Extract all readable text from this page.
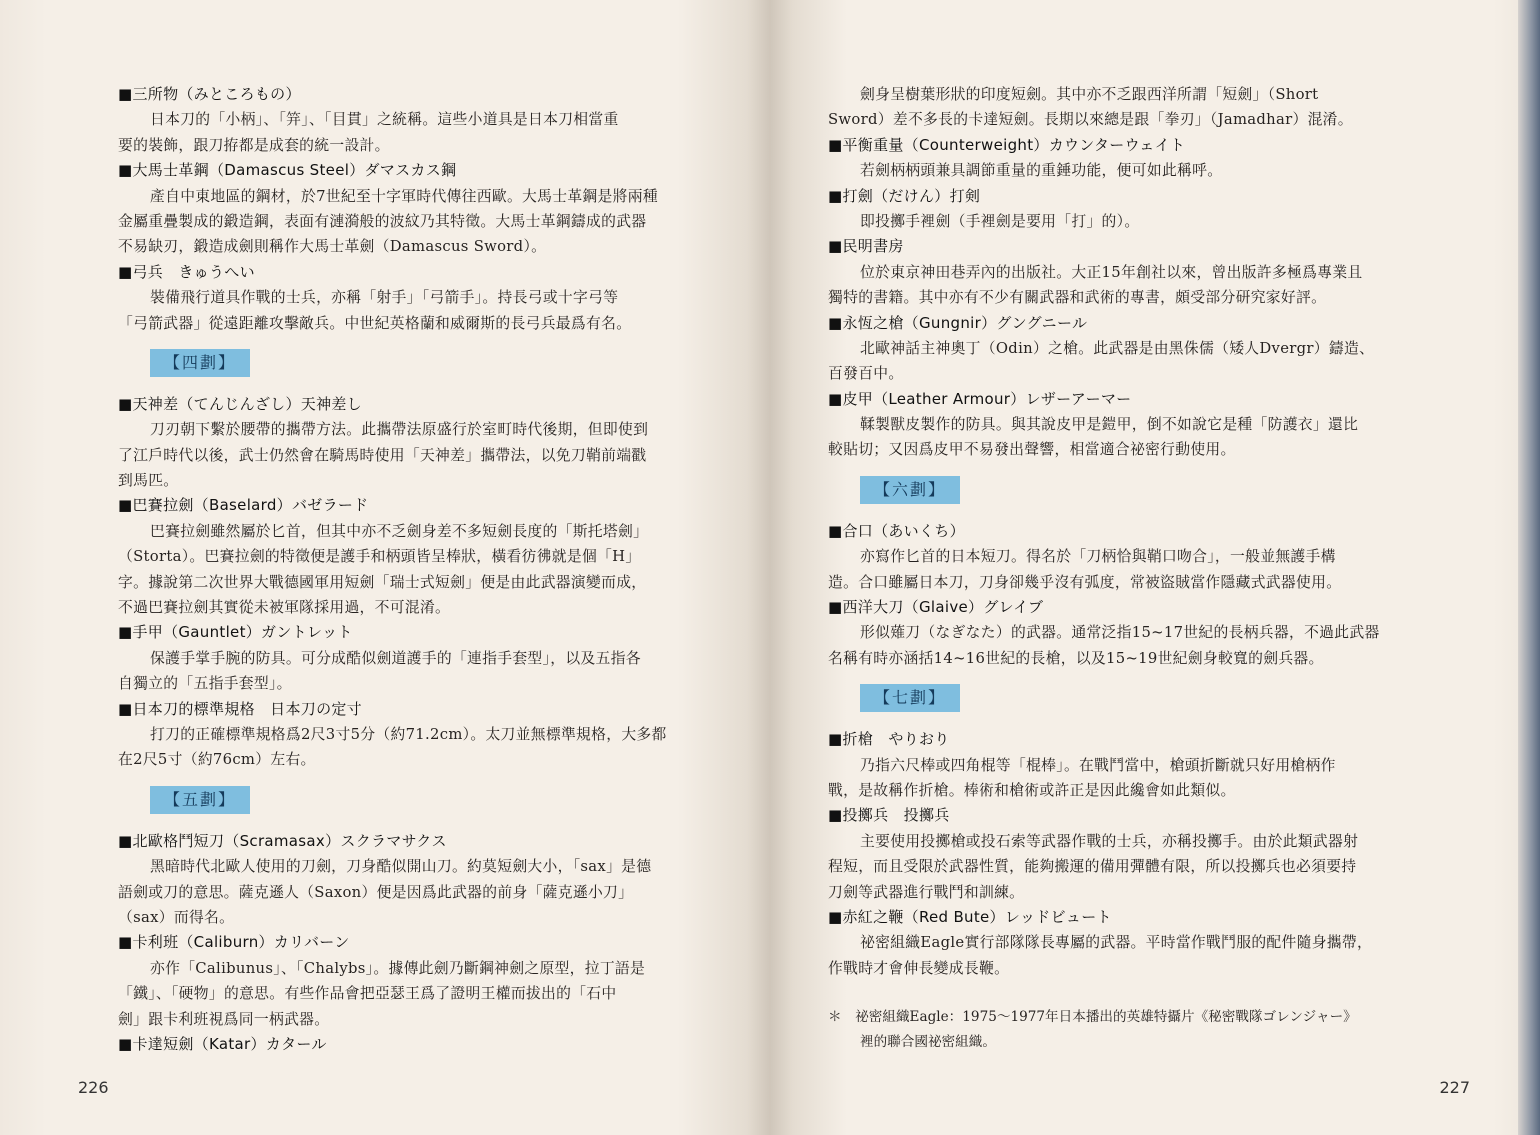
■三所物（みところもの）
日本刀的「小柄」、「笄」、「目貫」之統稱。這些小道具是日本刀相當重
要的裝飾，跟刀拵都是成套的統一設計。
■大馬士革鋼（Damascus Steel）ダマスカス鋼
產自中東地區的鋼材，於7世紀至十字軍時代傳往西歐。大馬士革鋼是將兩種
金屬重疊製成的鍛造鋼，表面有漣漪般的波紋乃其特徵。大馬士革鋼鑄成的武器
不易缺刃，鍛造成劍則稱作大馬士革劍（Damascus Sword）。
■弓兵　きゅうへい
裝備飛行道具作戰的士兵，亦稱「射手」「弓箭手」。持長弓或十字弓等
「弓箭武器」從遠距離攻擊敵兵。中世紀英格蘭和威爾斯的長弓兵最爲有名。
【四劃】
■天神差（てんじんざし）天神差し
刀刃朝下繫於腰帶的攜帶方法。此攜帶法原盛行於室町時代後期，但即使到
了江戶時代以後，武士仍然會在騎馬時使用「天神差」攜帶法，以免刀鞘前端戳
到馬匹。
■巴賽拉劍（Baselard）バゼラード
巴賽拉劍雖然屬於匕首，但其中亦不乏劍身差不多短劍長度的「斯托塔劍」
（Storta）。巴賽拉劍的特徵便是護手和柄頭皆呈棒狀，橫看彷彿就是個「H」
字。據說第二次世界大戰德國軍用短劍「瑞士式短劍」便是由此武器演變而成，
不過巴賽拉劍其實從未被軍隊採用過，不可混淆。
■手甲（Gauntlet）ガントレット
保護手掌手腕的防具。可分成酷似劍道護手的「連指手套型」，以及五指各
自獨立的「五指手套型」。
■日本刀的標準規格　日本刀の定寸
打刀的正確標準規格爲2尺3寸5分（約71.2cm）。太刀並無標準規格，大多都
在2尺5寸（約76cm）左右。
【五劃】
■北歐格鬥短刀（Scramasax）スクラマサクス
黑暗時代北歐人使用的刀劍，刀身酷似開山刀。約莫短劍大小，「sax」是德
語劍或刀的意思。薩克遜人（Saxon）便是因爲此武器的前身「薩克遜小刀」
（sax）而得名。
■卡利班（Caliburn）カリバーン
亦作「Calibunus」、「Chalybs」。據傳此劍乃斷鋼神劍之原型，拉丁語是
「鐵」、「硬物」的意思。有些作品會把亞瑟王爲了證明王權而拔出的「石中
劍」跟卡利班視爲同一柄武器。
■卡達短劍（Katar）カタール
226
劍身呈樹葉形狀的印度短劍。其中亦不乏跟西洋所謂「短劍」（Short
Sword）差不多長的卡達短劍。長期以來總是跟「拳刃」（Jamadhar）混淆。
■平衡重量（Counterweight）カウンターウェイト
若劍柄柄頭兼具調節重量的重錘功能，便可如此稱呼。
■打劍（だけん）打剣
即投擲手裡劍（手裡劍是要用「打」的）。
■民明書房
位於東京神田巷弄內的出版社。大正15年創社以來，曾出版許多極爲專業且
獨特的書籍。其中亦有不少有關武器和武術的專書，頗受部分研究家好評。
■永恆之槍（Gungnir）グングニール
北歐神話主神奧丁（Odin）之槍。此武器是由黑侏儒（矮人Dvergr）鑄造、
百發百中。
■皮甲（Leather Armour）レザーアーマー
鞣製獸皮製作的防具。與其說皮甲是鎧甲，倒不如說它是種「防護衣」還比
較貼切；又因爲皮甲不易發出聲響，相當適合祕密行動使用。
【六劃】
■合口（あいくち）
亦寫作匕首的日本短刀。得名於「刀柄恰與鞘口吻合」，一般並無護手構
造。合口雖屬日本刀，刀身卻幾乎沒有弧度，常被盜賊當作隱藏式武器使用。
■西洋大刀（Glaive）グレイブ
形似薙刀（なぎなた）的武器。通常泛指15~17世紀的長柄兵器，不過此武器
名稱有時亦涵括14~16世紀的長槍，以及15~19世紀劍身較寬的劍兵器。
【七劃】
■折槍　やりおり
乃指六尺棒或四角棍等「棍棒」。在戰鬥當中，槍頭折斷就只好用槍柄作
戰，是故稱作折槍。棒術和槍術或許正是因此纔會如此類似。
■投擲兵　投擲兵
主要使用投擲槍或投石索等武器作戰的士兵，亦稱投擲手。由於此類武器射
程短，而且受限於武器性質，能夠搬運的備用彈體有限，所以投擲兵也必須要持
刀劍等武器進行戰鬥和訓練。
■赤紅之鞭（Red Bute）レッドビュート
祕密組織Eagle實行部隊隊長專屬的武器。平時當作戰鬥服的配件隨身攜帶，
作戰時才會伸長變成長鞭。
＊　祕密組織Eagle：1975～1977年日本播出的英雄特攝片《秘密戰隊ゴレンジャー》
裡的聯合國祕密組織。
227
